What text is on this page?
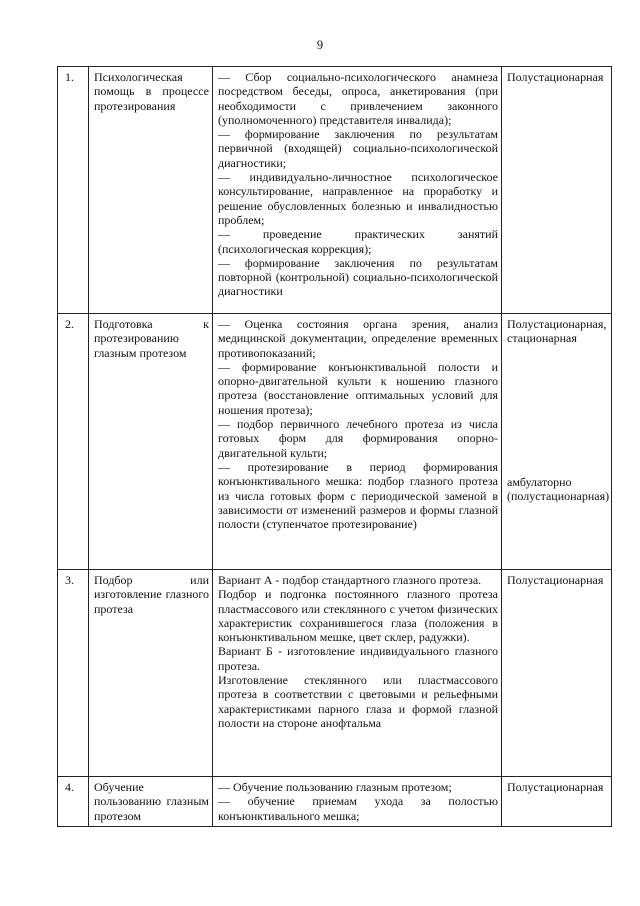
9
1.	Психологическая помощь в процессе протезирования	— Сбор социально-психологического анамнеза посредством беседы, опроса, анкетирования (при необходимости с привлечением законного (уполномоченного) представителя инвалида);
— формирование заключения по результатам первичной (входящей) социально-психологической диагностики;
— индивидуально-личностное психологическое консультирование, направленное на проработку и решение обусловленных болезнью и инвалидностью проблем;
— проведение практических занятий (психологическая коррекция);
— формирование заключения по результатам повторной (контрольной) социально-психологической диагностики	Полустационарная

2.	Подготовка к протезированию глазным протезом	— Оценка состояния органа зрения, анализ медицинской документации, определение временных противопоказаний;
— формирование конъюнктивальной полости и опорно-двигательной культи к ношению глазного протеза (восстановление оптимальных условий для ношения протеза);
— подбор первичного лечебного протеза из числа готовых форм для формирования опорно-двигательной культи;
— протезирование в период формирования конъюнктивального мешка: подбор глазного протеза из числа готовых форм с периодической заменой в зависимости от изменений размеров и формы глазной полости (ступенчатое протезирование)	Полустационарная, стационарная
амбулаторно (полустационарная)

3.	Подбор или изготовление глазного протеза	Вариант А - подбор стандартного глазного протеза.
Подбор и подгонка постоянного глазного протеза пластмассового или стеклянного с учетом физических характеристик сохранившегося глаза (положения в конъюнктивальном мешке, цвет склер, радужки).
Вариант Б - изготовление индивидуального глазного протеза.
Изготовление стеклянного или пластмассового протеза в соответствии с цветовыми и рельефными характеристиками парного глаза и формой глазной полости на стороне анофтальма	Полустационарная

4.	Обучение пользованию глазным протезом	— Обучение пользованию глазным протезом;
— обучение приемам ухода за полостью конъюнктивального мешка;	Полустационарная
